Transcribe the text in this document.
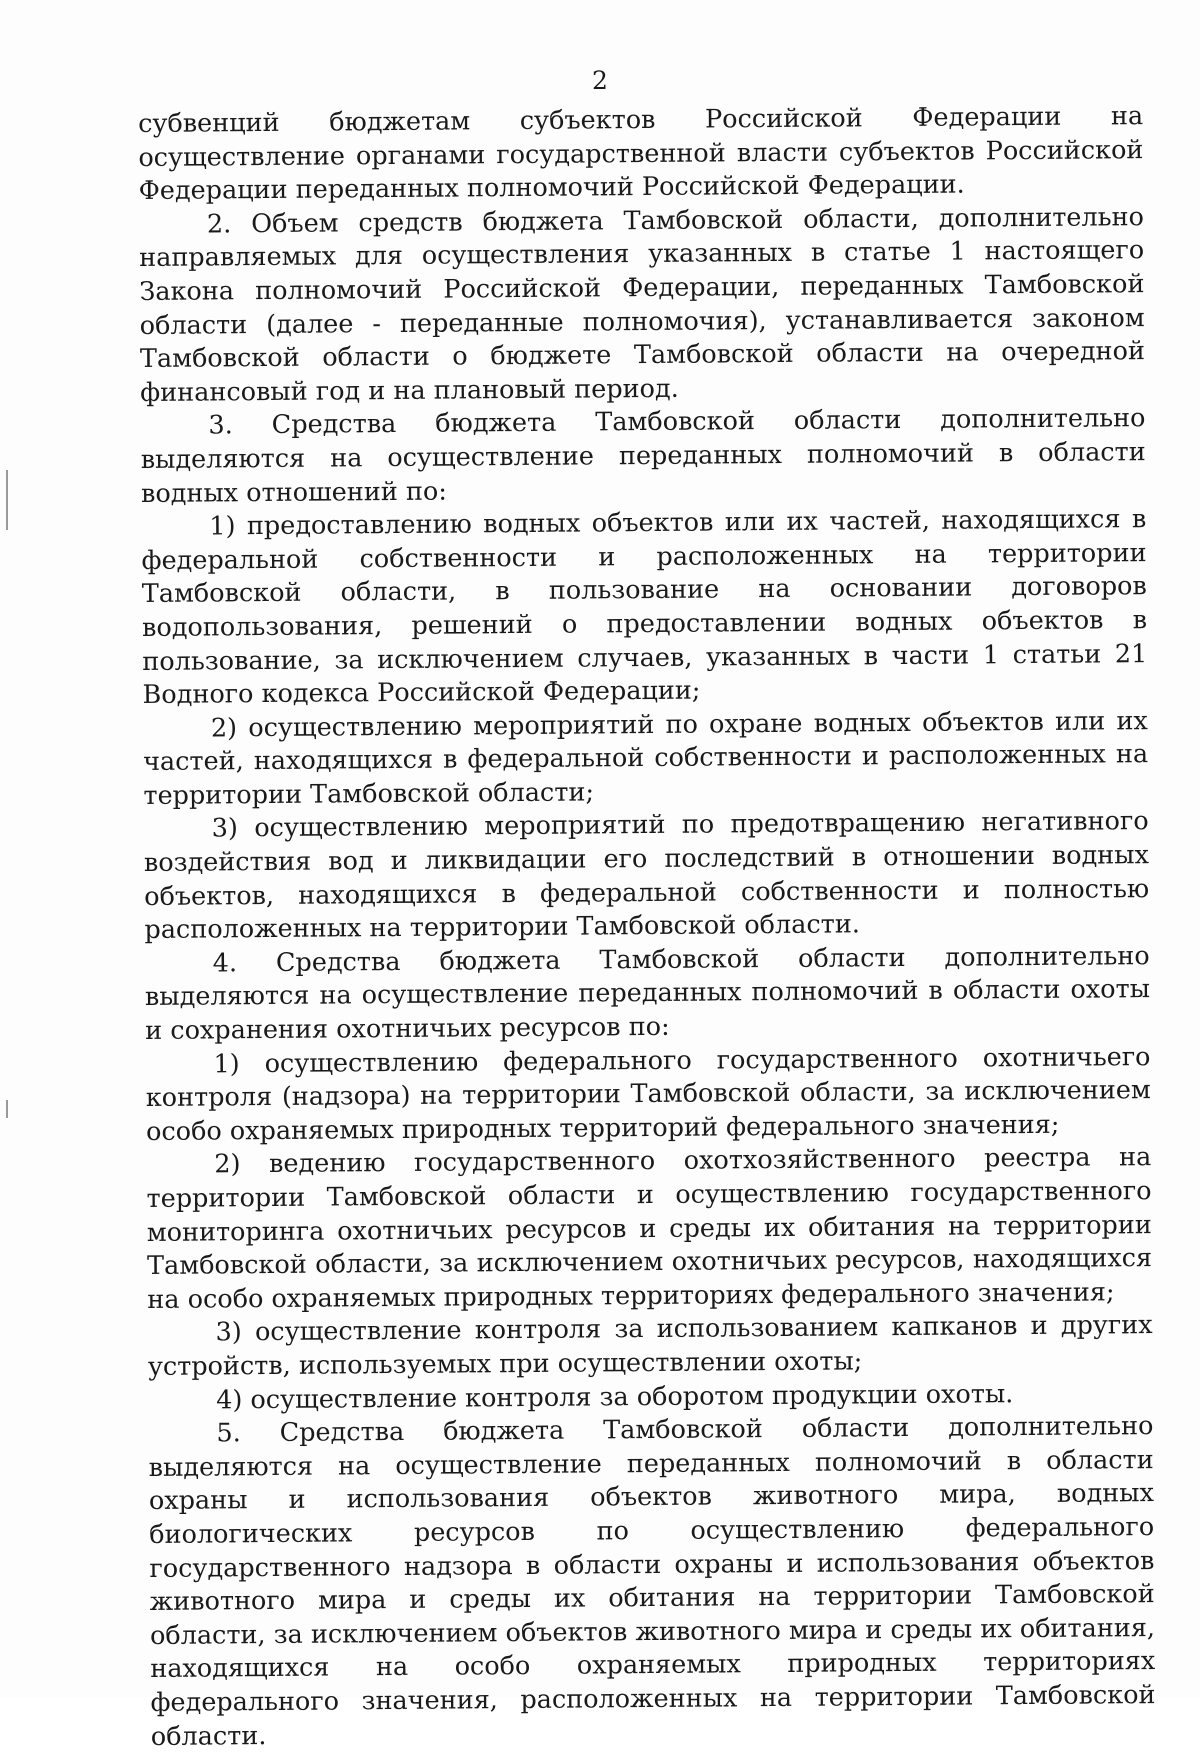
2

субвенций бюджетам субъектов Российской Федерации на осуществление органами государственной власти субъектов Российской Федерации переданных полномочий Российской Федерации.

2. Объем средств бюджета Тамбовской области, дополнительно направляемых для осуществления указанных в статье 1 настоящего Закона полномочий Российской Федерации, переданных Тамбовской области (далее - переданные полномочия), устанавливается законом Тамбовской области о бюджете Тамбовской области на очередной финансовый год и на плановый период.

3. Средства бюджета Тамбовской области дополнительно выделяются на осуществление переданных полномочий в области водных отношений по:

1) предоставлению водных объектов или их частей, находящихся в федеральной собственности и расположенных на территории Тамбовской области, в пользование на основании договоров водопользования, решений о предоставлении водных объектов в пользование, за исключением случаев, указанных в части 1 статьи 21 Водного кодекса Российской Федерации;

2) осуществлению мероприятий по охране водных объектов или их частей, находящихся в федеральной собственности и расположенных на территории Тамбовской области;

3) осуществлению мероприятий по предотвращению негативного воздействия вод и ликвидации его последствий в отношении водных объектов, находящихся в федеральной собственности и полностью расположенных на территории Тамбовской области.

4. Средства бюджета Тамбовской области дополнительно выделяются на осуществление переданных полномочий в области охоты и сохранения охотничьих ресурсов по:

1) осуществлению федерального государственного охотничьего контроля (надзора) на территории Тамбовской области, за исключением особо охраняемых природных территорий федерального значения;

2) ведению государственного охотхозяйственного реестра на территории Тамбовской области и осуществлению государственного мониторинга охотничьих ресурсов и среды их обитания на территории Тамбовской области, за исключением охотничьих ресурсов, находящихся на особо охраняемых природных территориях федерального значения;

3) осуществление контроля за использованием капканов и других устройств, используемых при осуществлении охоты;

4) осуществление контроля за оборотом продукции охоты.

5. Средства бюджета Тамбовской области дополнительно выделяются на осуществление переданных полномочий в области охраны и использования объектов животного мира, водных биологических ресурсов по осуществлению федерального государственного надзора в области охраны и использования объектов животного мира и среды их обитания на территории Тамбовской области, за исключением объектов животного мира и среды их обитания, находящихся на особо охраняемых природных территориях федерального значения, расположенных на территории Тамбовской области.
